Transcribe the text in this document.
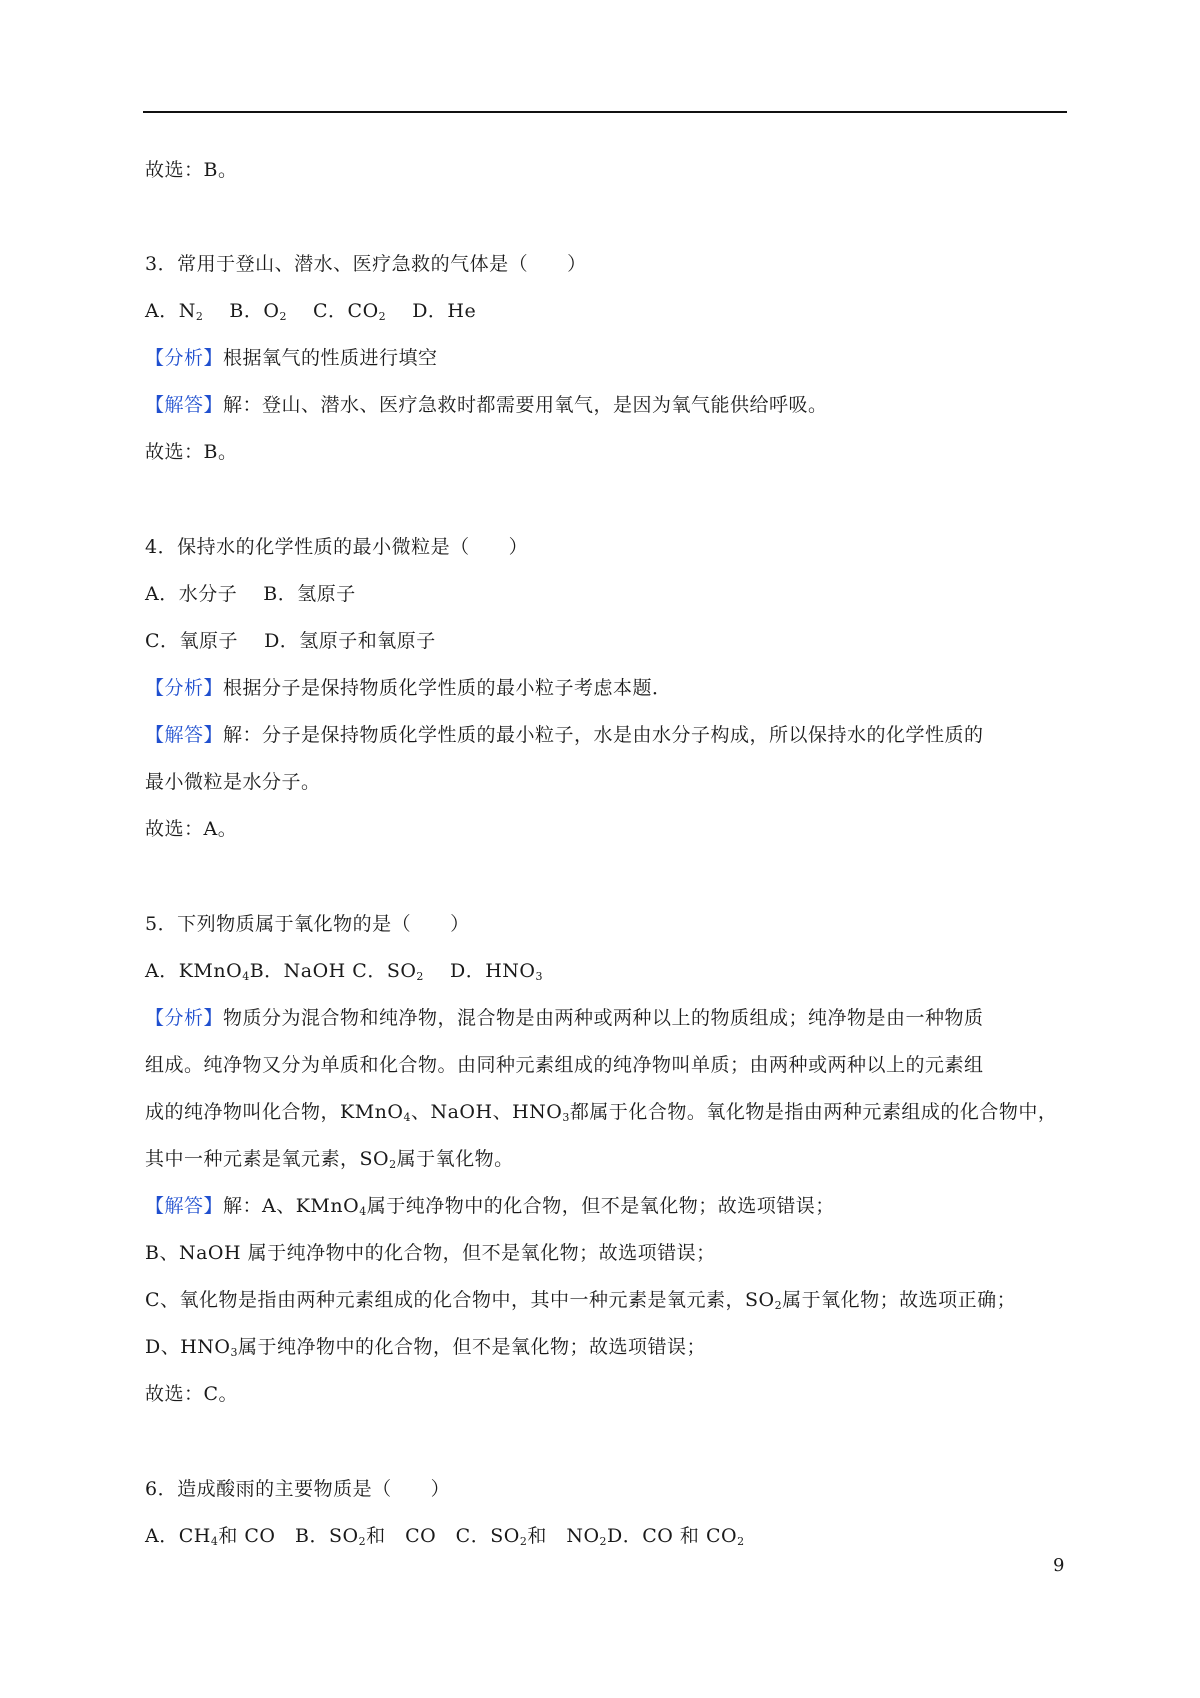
故选：B。
3．常用于登山、潜水、医疗急救的气体是（　　）
A．$N_2$　 B．$O_2$　 C．$CO_2$　 D．He
【分析】根据氧气的性质进行填空
【解答】解：登山、潜水、医疗急救时都需要用氧气，是因为氧气能供给呼吸。
故选：B。
4．保持水的化学性质的最小微粒是（　　）
A．水分子　 B．氢原子
C．氧原子　 D．氢原子和氧原子
【分析】根据分子是保持物质化学性质的最小粒子考虑本题．
【解答】解：分子是保持物质化学性质的最小粒子，水是由水分子构成，所以保持水的化学性质的
最小微粒是水分子。
故选：A。
5．下列物质属于氧化物的是（　　）
A．KMnO$_4$B．NaOH C．$SO_2$　 D．$HNO_3$
【分析】物质分为混合物和纯净物，混合物是由两种或两种以上的物质组成；纯净物是由一种物质
组成。纯净物又分为单质和化合物。由同种元素组成的纯净物叫单质；由两种或两种以上的元素组
成的纯净物叫化合物，KMnO$_4$、NaOH、$HNO_3$都属于化合物。氧化物是指由两种元素组成的化合物中，
其中一种元素是氧元素，$SO_2$属于氧化物。
【解答】解：A、KMnO$_4$属于纯净物中的化合物，但不是氧化物；故选项错误；
B、NaOH 属于纯净物中的化合物，但不是氧化物；故选项错误；
C、氧化物是指由两种元素组成的化合物中，其中一种元素是氧元素，$SO_2$属于氧化物；故选项正确；
D、$HNO_3$属于纯净物中的化合物，但不是氧化物；故选项错误；
故选：C。
6．造成酸雨的主要物质是（　　）
A．$CH_4$和 CO　B．$SO_2$和　CO　C．$SO_2$和　$NO_2D$．CO 和 $CO_2$
9
